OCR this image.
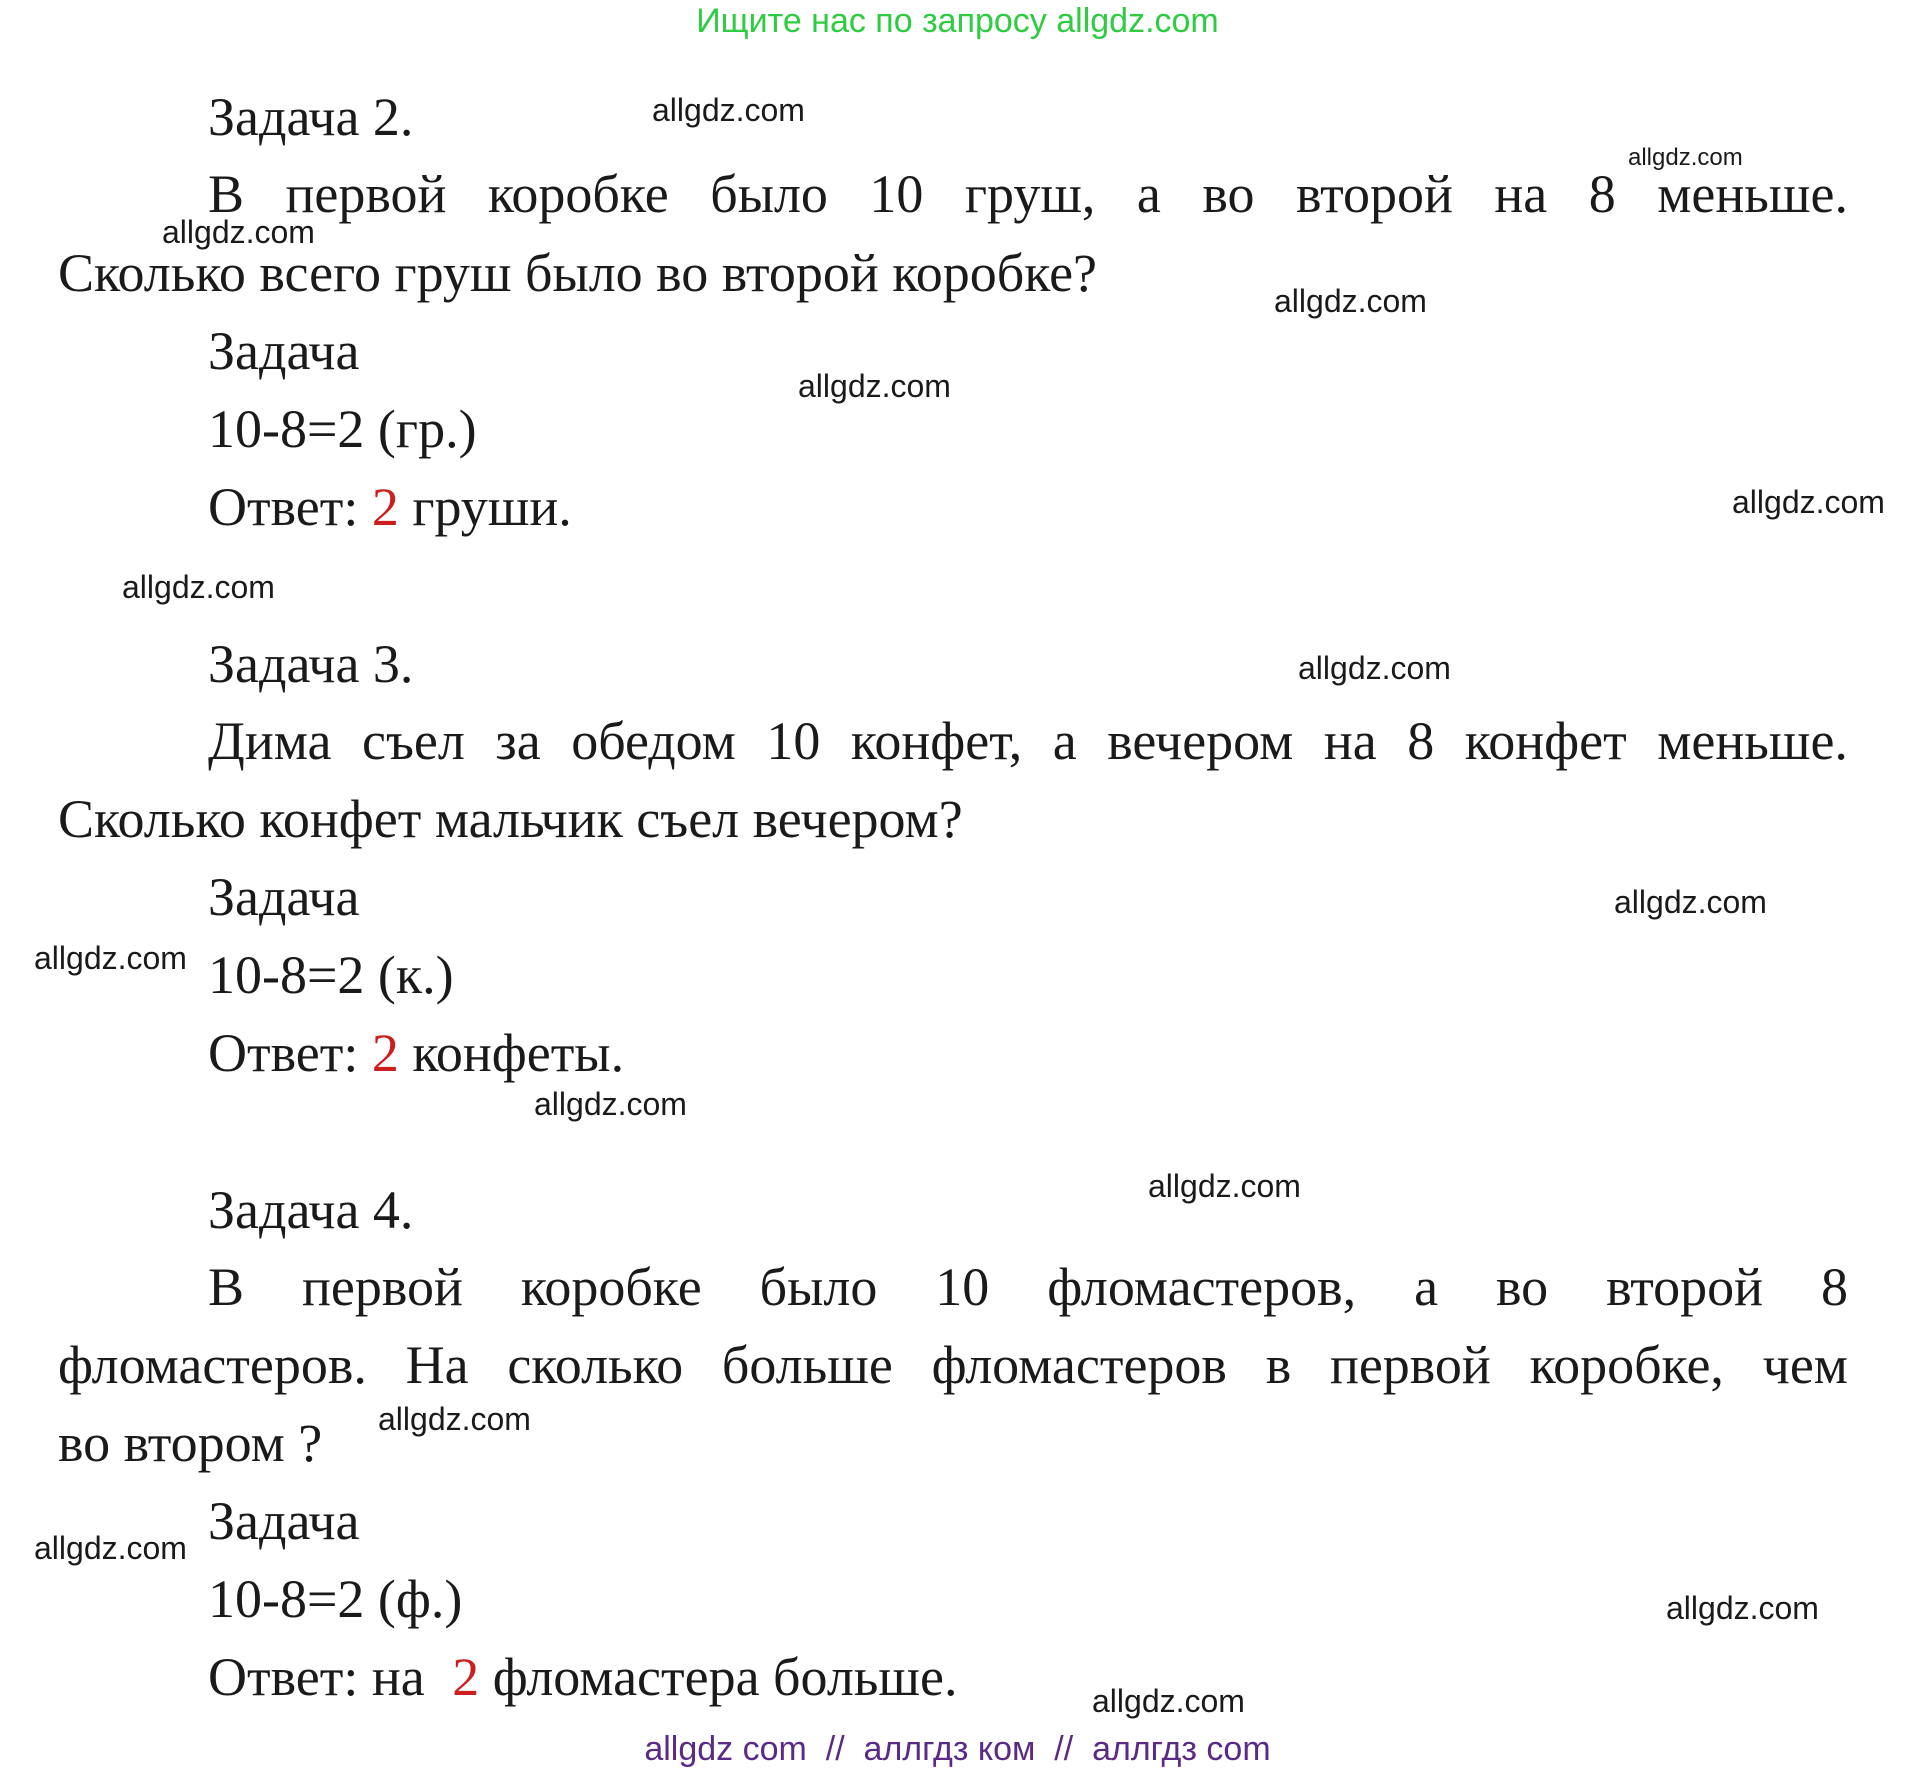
Ищите нас по запросу allgdz.com

Задача 2.

В первой коробке было 10 груш, а во второй на 8 меньше.

Сколько всего груш было во второй коробке?

Задача

10-8=2 (гр.)

Ответ: 2 груши.

Задача 3.

Дима съел за обедом 10 конфет, а вечером на 8 конфет меньше.

Сколько конфет мальчик съел вечером?

Задача

10-8=2 (к.)

Ответ: 2 конфеты.

Задача 4.

В первой коробке было 10 фломастеров, а во второй 8
фломастеров. На сколько больше фломастеров в первой коробке, чем

во втором ?

Задача

10-8=2 (ф.)

Ответ: на 2 фломастера больше.

allgdz.com
allgdz.com
allgdz.com
allgdz.com
allgdz.com
allgdz.com
allgdz.com
allgdz.com
allgdz.com
allgdz.com
allgdz.com
allgdz.com
allgdz.com
allgdz.com
allgdz.com
allgdz.com
allgdz com  //  аллгдз ком  //  аллгдз com
